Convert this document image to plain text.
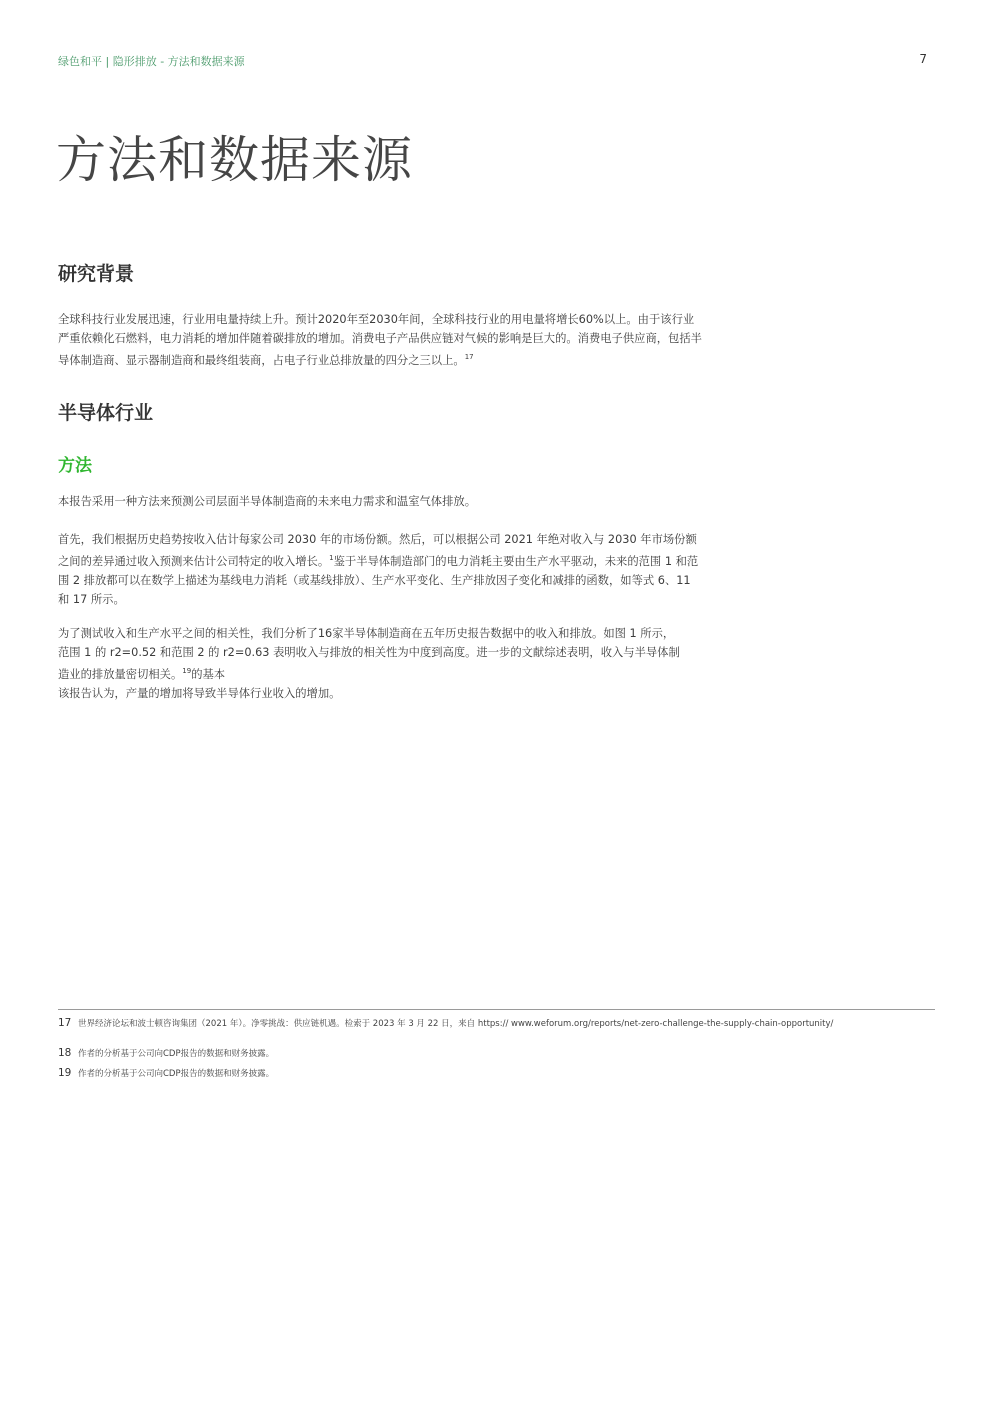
绿色和平 | 隐形排放 - 方法和数据来源	7
方法和数据来源
研究背景

全球科技行业发展迅速，行业用电量持续上升。预计2020年至2030年间，全球科技行业的用电量将增长60%以上。由于该行业严重依赖化石燃料，电力消耗的增加伴随着碳排放的增加。消费电子产品供应链对气候的影响是巨大的。消费电子供应商，包括半导体制造商、显示器制造商和最终组装商，占电子行业总排放量的四分之三以上。$^{17}$

半导体行业
方法

本报告采用一种方法来预测公司层面半导体制造商的未来电力需求和温室气体排放。

首先，我们根据历史趋势按收入估计每家公司 2030 年的市场份额。然后，可以根据公司 2021 年绝对收入与 2030 年市场份额之间的差异通过收入预测来估计公司特定的收入增长。$^1$鉴于半导体制造部门的电力消耗主要由生产水平驱动，未来的范围 1 和范围 2 排放都可以在数学上描述为基线电力消耗（或基线排放）、生产水平变化、生产排放因子变化和减排的函数，如等式 6、11 和 17 所示。

为了测试收入和生产水平之间的相关性，我们分析了16家半导体制造商在五年历史报告数据中的收入和排放。如图 1 所示，范围 1 的 r2=0.52 和范围 2 的 r2=0.63 表明收入与排放的相关性为中度到高度。进一步的文献综述表明，收入与半导体制造业的排放量密切相关。$^{19}$的基本
该报告认为，产量的增加将导致半导体行业收入的增加。

17 世界经济论坛和波士顿咨询集团（2021 年）。净零挑战：供应链机遇。检索于 2023 年 3 月 22 日，来自 https:// www.weforum.org/reports/net-zero-challenge-the-supply-chain-opportunity/
18 作者的分析基于公司向CDP报告的数据和财务披露。
19 作者的分析基于公司向CDP报告的数据和财务披露。
